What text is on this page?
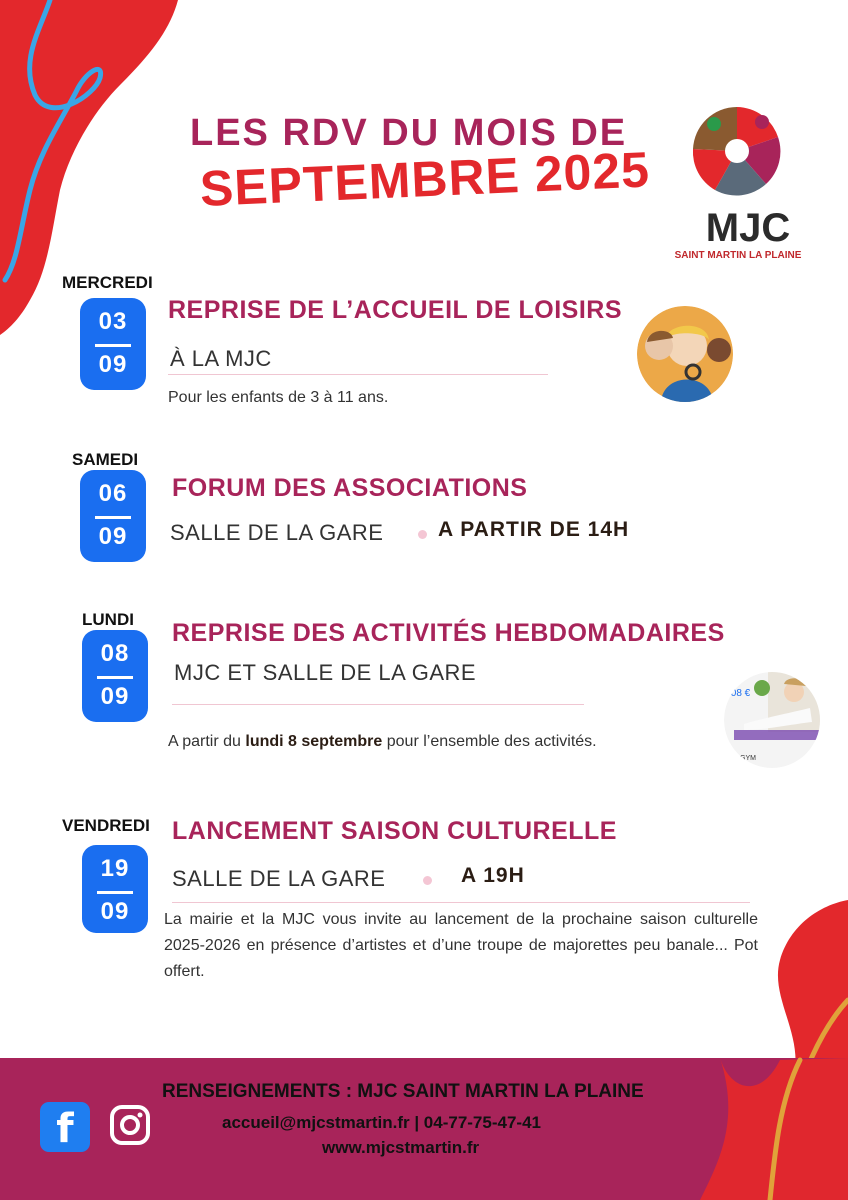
LES RDV DU MOIS DE
SEPTEMBRE 2025
MJC
SAINT MARTIN LA PLAINE
MERCREDI
03
09
REPRISE DE L’ACCUEIL DE LOISIRS
À LA MJC
Pour les enfants de 3 à 11 ans.
SAMEDI
06
09
FORUM DES ASSOCIATIONS
SALLE DE LA GARE	A PARTIR DE 14H
LUNDI
08
09
REPRISE DES ACTIVITÉS HEBDOMADAIRES
MJC ET SALLE DE LA GARE
A partir du lundi 8 septembre pour l’ensemble des activités.
,08 €
GYM
VENDREDI
19
09
LANCEMENT SAISON CULTURELLE
SALLE DE LA GARE	A 19H
La mairie et la MJC vous invite au lancement de la prochaine saison culturelle 2025-2026 en présence d’artistes et d’une troupe de majorettes peu banale... Pot offert.
f
RENSEIGNEMENTS : MJC SAINT MARTIN LA PLAINE
accueil@mjcstmartin.fr | 04-77-75-47-41
www.mjcstmartin.fr
